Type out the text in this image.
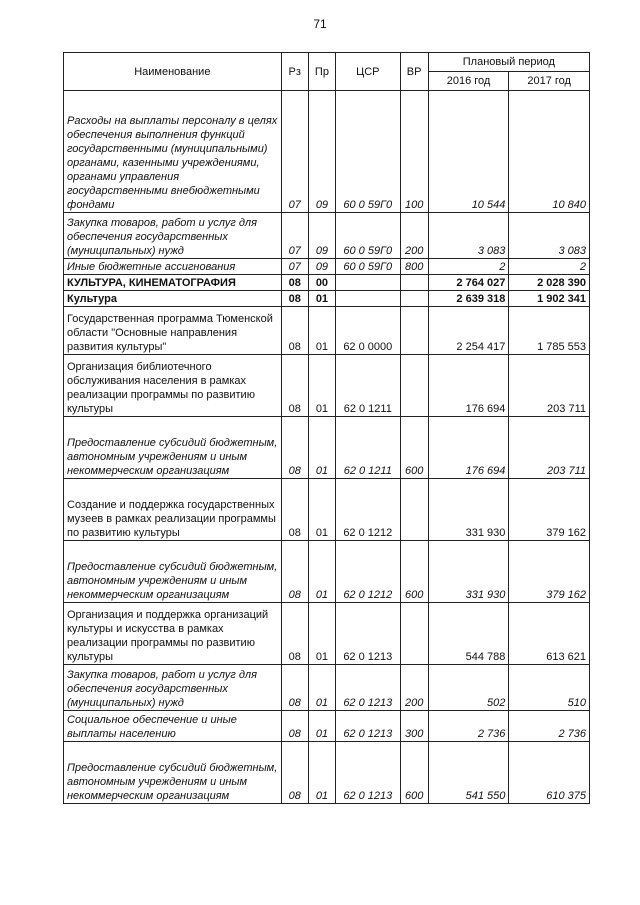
71
Наименование	Рз	Пр	ЦСР	ВР	Плановый период	
					2016 год	2017 год
Расходы на выплаты персоналу в целях обеспечения выполнения функций государственными (муниципальными) органами, казенными учреждениями, органами управления государственными внебюджетными фондами	07	09	60 0 59Г0	100	10 544	10 840
Закупка товаров, работ и услуг для обеспечения государственных (муниципальных) нужд	07	09	60 0 59Г0	200	3 083	3 083
Иные бюджетные ассигнования	07	09	60 0 59Г0	800	2	2
КУЛЬТУРА, КИНЕМАТОГРАФИЯ	08	00			2 764 027	2 028 390
Культура	08	01			2 639 318	1 902 341
Государственная программа Тюменской области "Основные направления развития культуры"	08	01	62 0 0000		2 254 417	1 785 553
Организация библиотечного обслуживания населения в рамках реализации программы по развитию культуры	08	01	62 0 1211		176 694	203 711
Предоставление субсидий бюджетным, автономным учреждениям и иным некоммерческим организациям	08	01	62 0 1211	600	176 694	203 711
Создание и поддержка государственных музеев в рамках реализации программы по развитию культуры	08	01	62 0 1212		331 930	379 162
Предоставление субсидий бюджетным, автономным учреждениям и иным некоммерческим организациям	08	01	62 0 1212	600	331 930	379 162
Организация и поддержка организаций культуры и искусства в рамках реализации программы по развитию культуры	08	01	62 0 1213		544 788	613 621
Закупка товаров, работ и услуг для обеспечения государственных (муниципальных) нужд	08	01	62 0 1213	200	502	510
Социальное обеспечение и иные выплаты населению	08	01	62 0 1213	300	2 736	2 736
Предоставление субсидий бюджетным, автономным учреждениям и иным некоммерческим организациям	08	01	62 0 1213	600	541 550	610 375
